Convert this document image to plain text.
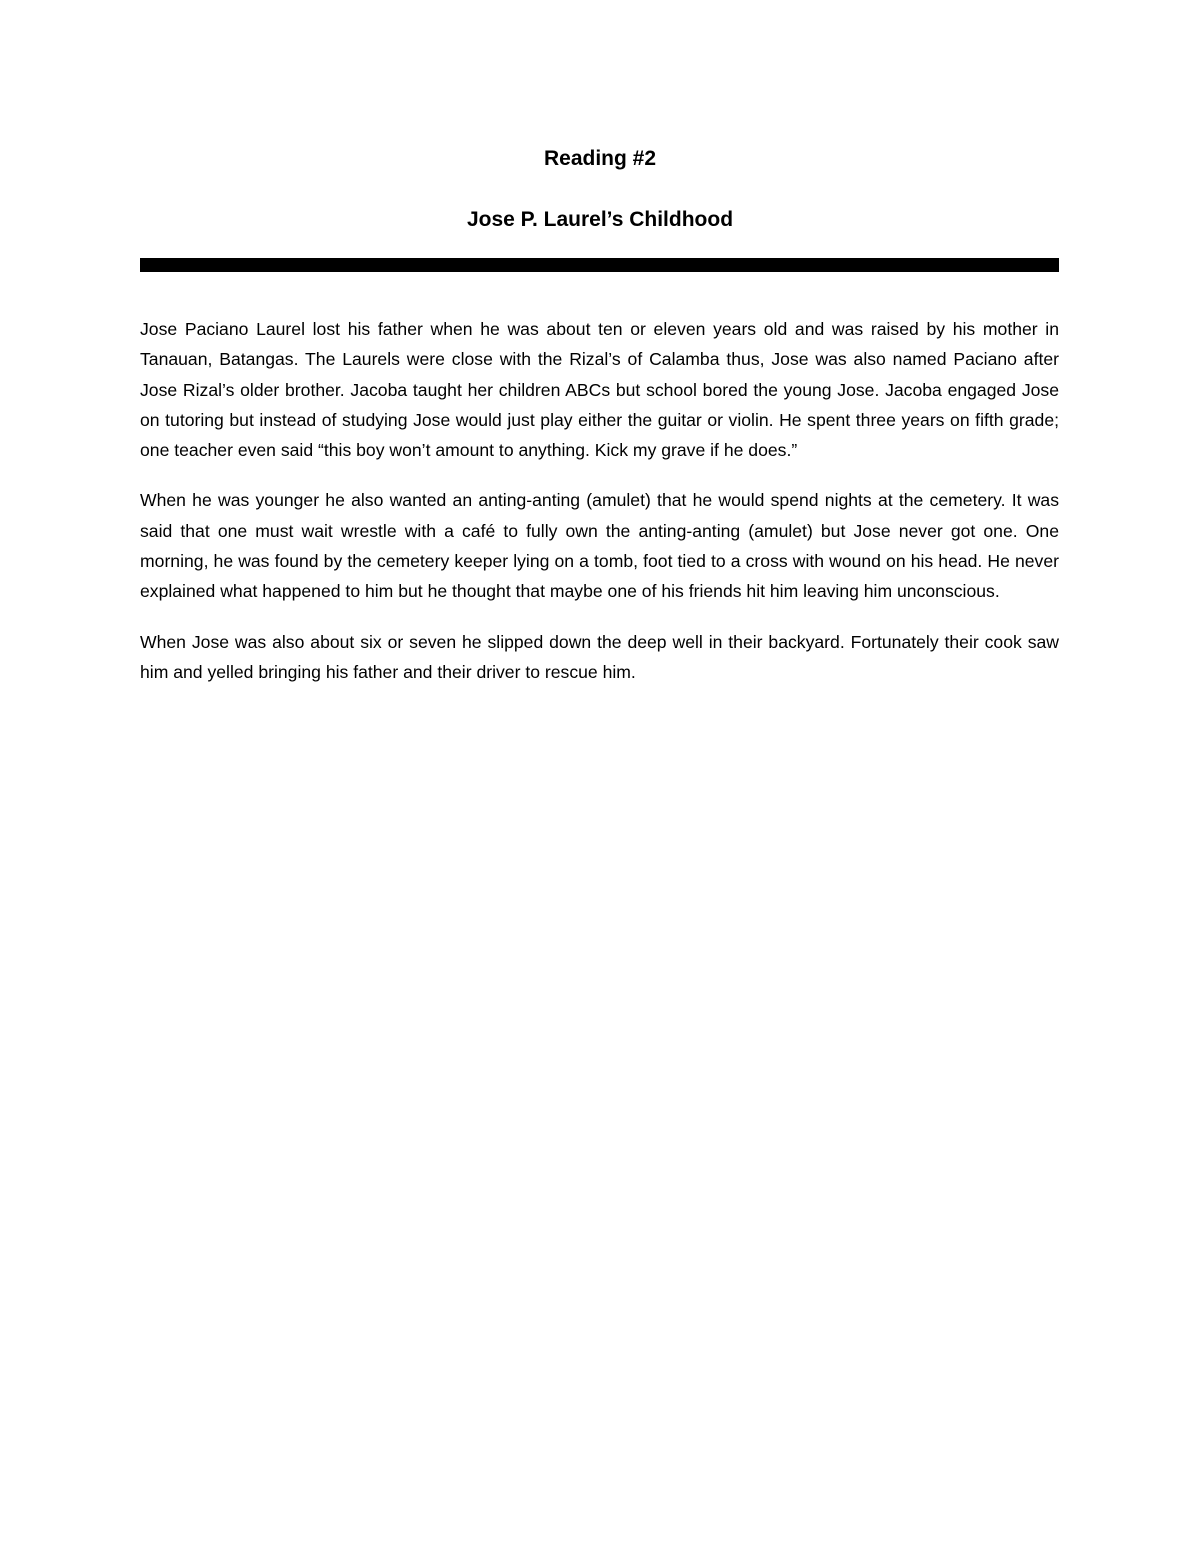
Reading #2
Jose P. Laurel’s Childhood

Jose Paciano Laurel lost his father when he was about ten or eleven years old and was raised by his mother in Tanauan, Batangas. The Laurels were close with the Rizal’s of Calamba thus, Jose was also named Paciano after Jose Rizal’s older brother. Jacoba taught her children ABCs but school bored the young Jose. Jacoba engaged Jose on tutoring but instead of studying Jose would just play either the guitar or violin. He spent three years on fifth grade; one teacher even said “this boy won’t amount to anything. Kick my grave if he does.”

When he was younger he also wanted an anting-anting (amulet) that he would spend nights at the cemetery. It was said that one must wait wrestle with a café to fully own the anting-anting (amulet) but Jose never got one. One morning, he was found by the cemetery keeper lying on a tomb, foot tied to a cross with wound on his head. He never explained what happened to him but he thought that maybe one of his friends hit him leaving him unconscious.

When Jose was also about six or seven he slipped down the deep well in their backyard. Fortunately their cook saw him and yelled bringing his father and their driver to rescue him.
